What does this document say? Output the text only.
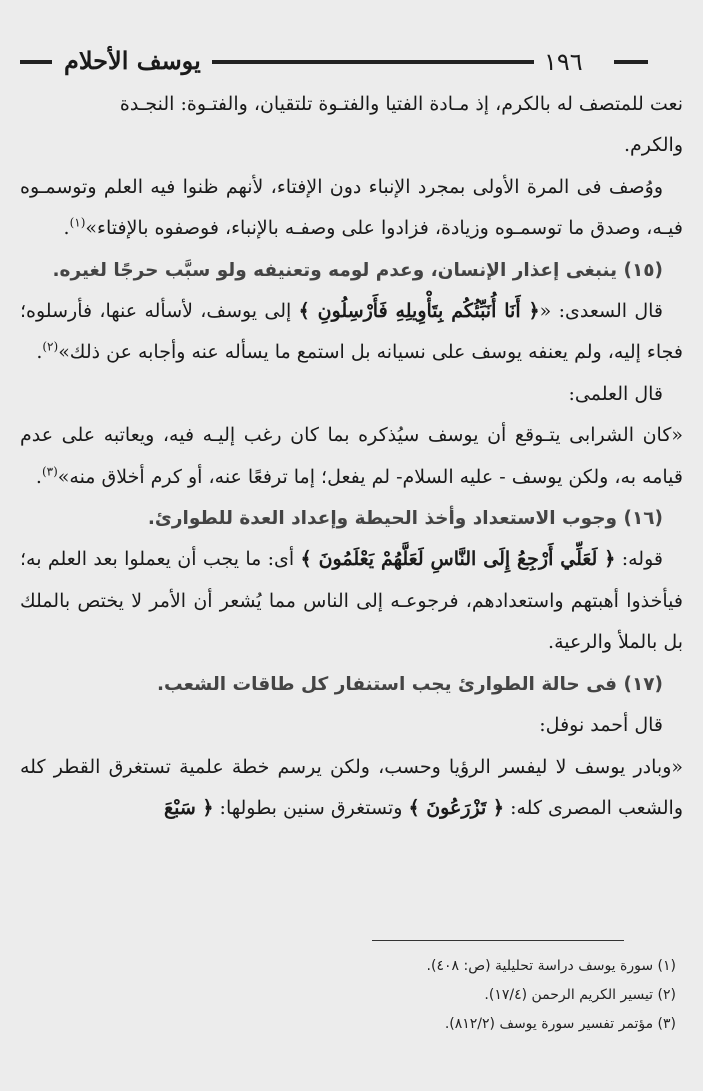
يوسف الأحلام	١٩٦

نعت للمتصف له بالكرم، إذ مـادة الفتيا والفتـوة تلتقيان، والفتـوة: النجـدة
والكرم.

ووُصف فى المرة الأولى بمجرد الإنباء دون الإفتاء، لأنهم ظنوا فيه العلم وتوسمـوه فيـه، وصدق ما توسمـوه وزيادة، فزادوا على وصفـه بالإنباء، فوصفوه بالإفتاء»$^{(١)}$.

(١٥) ينبغى إعذار الإنسان، وعدم لومه وتعنيفه ولو سبَّب حرجًا لغيره.

قال السعدى: «﴿ أَنَا أُنَبِّئُكُم بِتَأْوِيلِهِ فَأَرْسِلُونِ ﴾ إلى يوسف، لأسأله عنها، فأرسلوه؛ فجاء إليه، ولم يعنفه يوسف على نسيانه بل استمع ما يسأله عنه وأجابه عن ذلك»$^{(٢)}$.

قال العلمى:

«كان الشرابى يتـوقع أن يوسف سيُذكره بما كان رغب إليـه فيه، ويعاتبه على عدم قيامه به، ولكن يوسف - عليه السلام- لم يفعل؛ إما ترفعًا عنه، أو كرم أخلاق منه»$^{(٣)}$.

(١٦) وجوب الاستعداد وأخذ الحيطة وإعداد العدة للطوارئ.

قوله: ﴿ لَعَلِّي أَرْجِعُ إِلَى النَّاسِ لَعَلَّهُمْ يَعْلَمُونَ ﴾ أى: ما يجب أن يعملوا بعد العلم به؛ فيأخذوا أهبتهم واستعدادهم، فرجوعـه إلى الناس مما يُشعر أن الأمر لا يختص بالملك بل بالملأ والرعية.

(١٧) فى حالة الطوارئ يجب استنفار كل طاقات الشعب.

قال أحمد نوفل:

«وبادر يوسف لا ليفسر الرؤيا وحسب، ولكن يرسم خطة علمية تستغرق القطر كله والشعب المصرى كله: ﴿ تَزْرَعُونَ ﴾ وتستغرق سنين بطولها: ﴿ سَبْعَ

(١) سورة يوسف دراسة تحليلية (ص: ٤٠٨).

(٢) تيسير الكريم الرحمن (١٧/٤).

(٣) مؤتمر تفسير سورة يوسف (٨١٢/٢).
